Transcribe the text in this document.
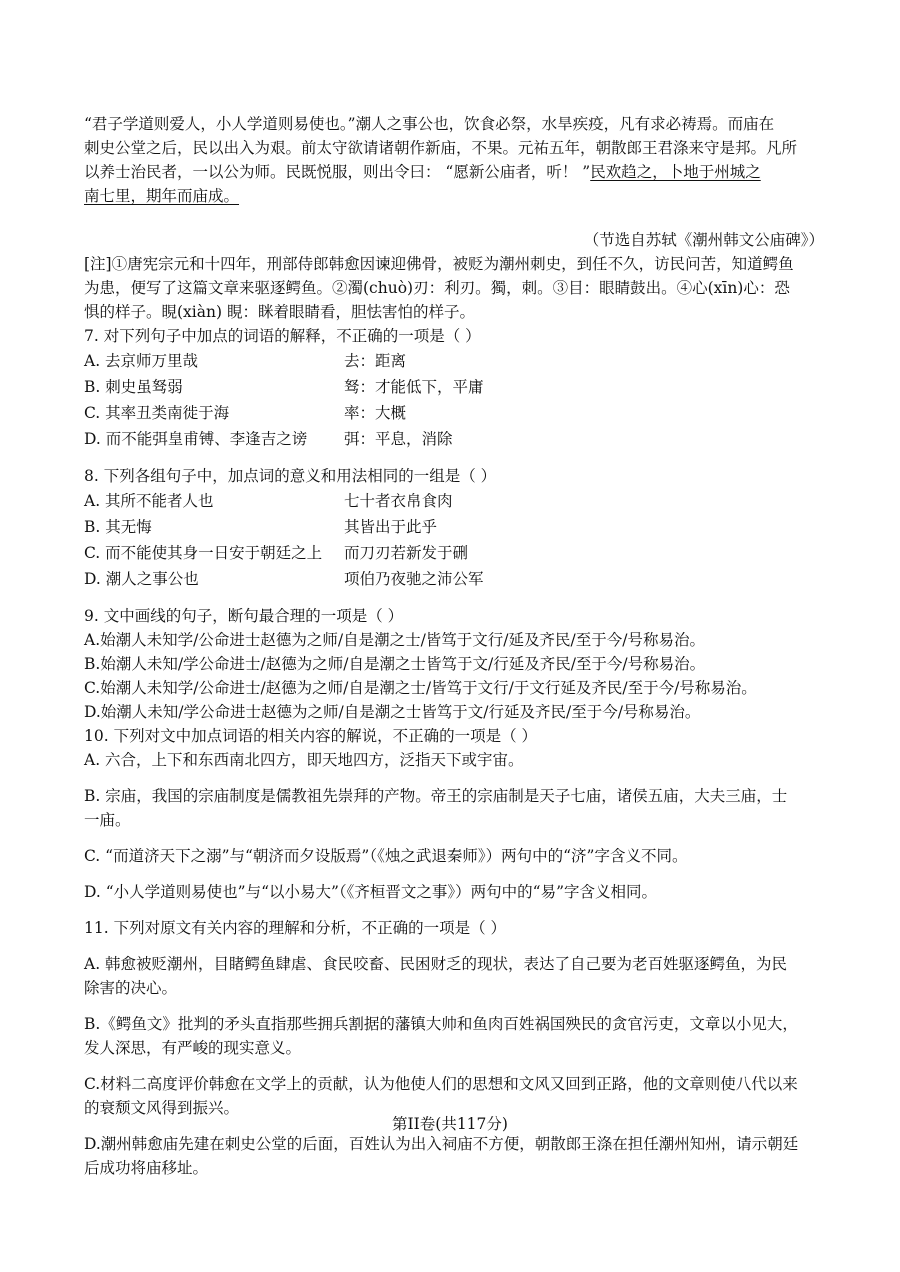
“君子学道则爱人，小人学道则易使也。”潮人之事公也，饮食必祭，水旱疾疫，凡有求必祷焉。而庙在
刺史公堂之后，民以出入为艰。前太守欲请诸朝作新庙，不果。元祐五年，朝散郎王君涤来守是邦。凡所
以养士治民者，一以公为师。民既悦服，则出令曰： “愿新公庙者，听！ ”民欢趋之，卜地于州城之
南七里，期年而庙成。
（节选自苏轼《潮州韩文公庙碑》）
[注]①唐宪宗元和十四年，刑部侍郎韩愈因谏迎佛骨，被贬为潮州刺史，到任不久，访民问苦，知道鳄鱼
为患，便写了这篇文章来驱逐鳄鱼。②濁(chuò)刃：利刃。獨，刺。③目：眼睛鼓出。④心(xīn)心：恐
惧的样子。睍(xiàn) 睍：眯着眼睛看，胆怯害怕的样子。
7. 对下列句子中加点的词语的解释，不正确的一项是（ ）
A. 去京师万里哉	去：距离
B. 刺史虽驽弱	驽：才能低下，平庸
C. 其率丑类南徙于海	率：大概
D. 而不能弭皇甫镈、李逢吉之谤	弭：平息，消除
8. 下列各组句子中，加点词的意义和用法相同的一组是（ ）
A. 其所不能者人也	七十者衣帛食肉
B. 其无悔	其皆出于此乎
C. 而不能使其身一日安于朝廷之上	而刀刃若新发于硎
D. 潮人之事公也	项伯乃夜驰之沛公军
9. 文中画线的句子，断句最合理的一项是（ ）
A.始潮人未知学/公命进士赵德为之师/自是潮之士/皆笃于文行/延及齐民/至于今/号称易治。
B.始潮人未知/学公命进士/赵德为之师/自是潮之士皆笃于文/行延及齐民/至于今/号称易治。
C.始潮人未知学/公命进士/赵德为之师/自是潮之士/皆笃于文行/于文行延及齐民/至于今/号称易治。
D.始潮人未知/学公命进士赵德为之师/自是潮之士皆笃于文/行延及齐民/至于今/号称易治。
10. 下列对文中加点词语的相关内容的解说，不正确的一项是（ ）
A. 六合，上下和东西南北四方，即天地四方，泛指天下或宇宙。
B. 宗庙，我国的宗庙制度是儒教祖先崇拜的产物。帝王的宗庙制是天子七庙，诸侯五庙，大夫三庙，士
一庙。
C. “而道济天下之溺”与“朝济而夕设版焉”（《烛之武退秦师》）两句中的“济”字含义不同。
D. “小人学道则易使也”与“以小易大”（《齐桓晋文之事》）两句中的“易”字含义相同。
11. 下列对原文有关内容的理解和分析，不正确的一项是（ ）
A. 韩愈被贬潮州，目睹鳄鱼肆虐、食民咬畜、民困财乏的现状，表达了自己要为老百姓驱逐鳄鱼，为民
除害的决心。
B.《鳄鱼文》批判的矛头直指那些拥兵割据的藩镇大帅和鱼肉百姓祸国殃民的贪官污吏，文章以小见大，
发人深思，有严峻的现实意义。
C.材料二高度评价韩愈在文学上的贡献，认为他使人们的思想和文风又回到正路，他的文章则使八代以来
的衰颓文风得到振兴。
D.潮州韩愈庙先建在刺史公堂的后面，百姓认为出入祠庙不方便，朝散郎王涤在担任潮州知州，请示朝廷
后成功将庙移址。
第II卷(共117分)
